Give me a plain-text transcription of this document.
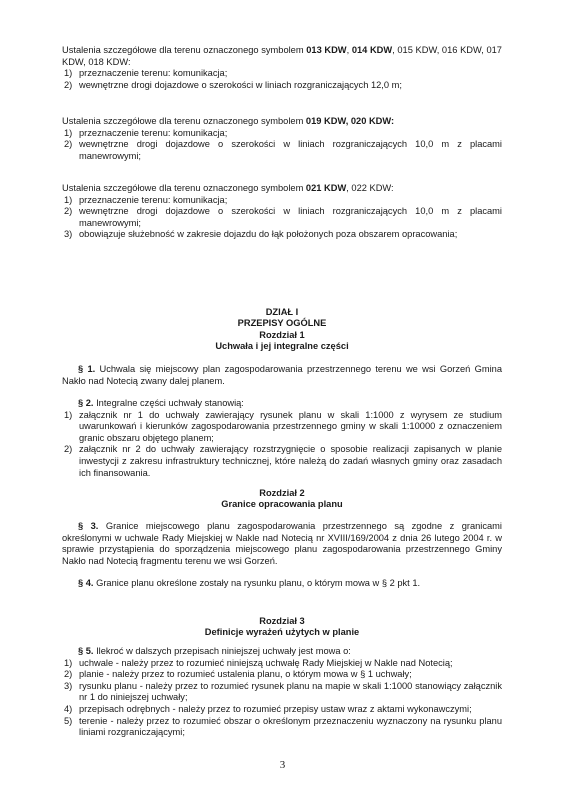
Ustalenia szczegółowe dla terenu oznaczonego symbolem 013 KDW, 014 KDW, 015 KDW, 016 KDW, 017 KDW, 018 KDW:

1) przeznaczenie terenu: komunikacja;
2) wewnętrzne drogi dojazdowe o szerokości w liniach rozgraniczających 12,0 m;

Ustalenia szczegółowe dla terenu oznaczonego symbolem 019 KDW, 020 KDW:

1) przeznaczenie terenu: komunikacja;
2) wewnętrzne drogi dojazdowe o szerokości w liniach rozgraniczających 10,0 m z placami manewrowymi;

Ustalenia szczegółowe dla terenu oznaczonego symbolem 021 KDW, 022 KDW:

1) przeznaczenie terenu: komunikacja;
2) wewnętrzne drogi dojazdowe o szerokości w liniach rozgraniczających 10,0 m z placami manewrowymi;
3) obowiązuje służebność w zakresie dojazdu do łąk położonych poza obszarem opracowania;
DZIAŁ I
PRZEPISY OGÓLNE
Rozdział 1
Uchwała i jej integralne części

§ 1. Uchwala się miejscowy plan zagospodarowania przestrzennego terenu we wsi Gorzeń Gmina Nakło nad Notecią zwany dalej planem.

§ 2. Integralne części uchwały stanowią:

1) załącznik nr 1 do uchwały zawierający rysunek planu w skali 1:1000 z wyrysem ze studium uwarunkowań i kierunków zagospodarowania przestrzennego gminy w skali 1:10000 z oznaczeniem granic obszaru objętego planem;
2) załącznik nr 2 do uchwały zawierający rozstrzygnięcie o sposobie realizacji zapisanych w planie inwestycji z zakresu infrastruktury technicznej, które należą do zadań własnych gminy oraz zasadach ich finansowania.
Rozdział 2
Granice opracowania planu

§ 3. Granice miejscowego planu zagospodarowania przestrzennego są zgodne z granicami określonymi w uchwale Rady Miejskiej w Nakle nad Notecią nr XVIII/169/2004 z dnia 26 lutego 2004 r. w sprawie przystąpienia do sporządzenia miejscowego planu zagospodarowania przestrzennego Gminy Nakło nad Notecią fragmentu terenu we wsi Gorzeń.

§ 4. Granice planu określone zostały na rysunku planu, o którym mowa w § 2 pkt 1.

Rozdział 3
Definicje wyrażeń użytych w planie

§ 5. Ilekroć w dalszych przepisach niniejszej uchwały jest mowa o:

1) uchwale - należy przez to rozumieć niniejszą uchwałę Rady Miejskiej w Nakle nad Notecią;
2) planie - należy przez to rozumieć ustalenia planu, o którym mowa w § 1 uchwały;
3) rysunku planu - należy przez to rozumieć rysunek planu na mapie w skali 1:1000 stanowiący załącznik nr 1 do niniejszej uchwały;
4) przepisach odrębnych - należy przez to rozumieć przepisy ustaw wraz z aktami wykonawczymi;
5) terenie - należy przez to rozumieć obszar o określonym przeznaczeniu wyznaczony na rysunku planu liniami rozgraniczającymi;
3
